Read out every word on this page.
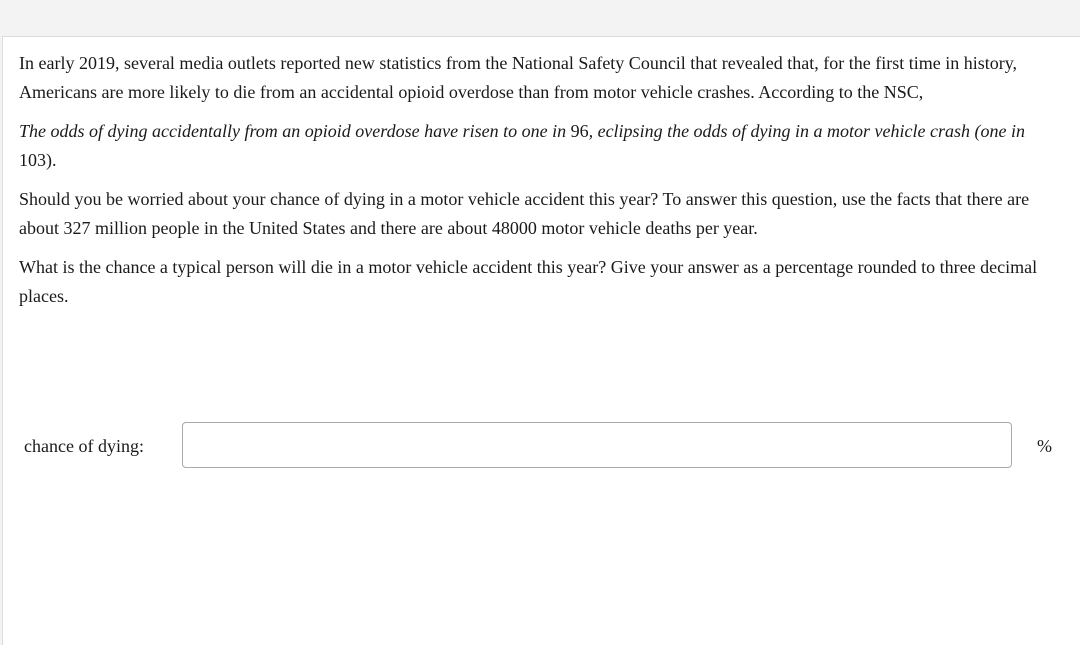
In early 2019, several media outlets reported new statistics from the National Safety Council that revealed that, for the first time in history, Americans are more likely to die from an accidental opioid overdose than from motor vehicle crashes. According to the NSC,

The odds of dying accidentally from an opioid overdose have risen to one in 96, eclipsing the odds of dying in a motor vehicle crash (one in 103).

Should you be worried about your chance of dying in a motor vehicle accident this year? To answer this question, use the facts that there are about 327 million people in the United States and there are about 48000 motor vehicle deaths per year.

What is the chance a typical person will die in a motor vehicle accident this year? Give your answer as a percentage rounded to three decimal places.

chance of dying:	%
